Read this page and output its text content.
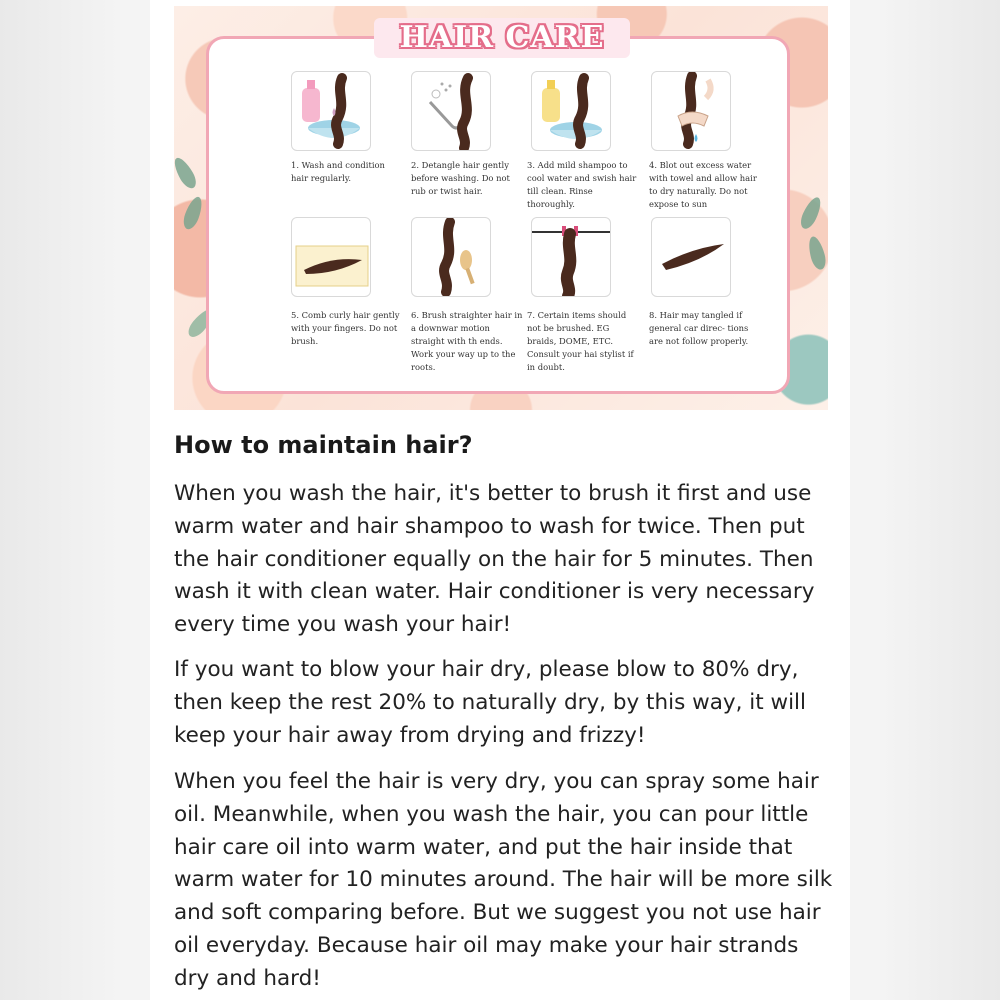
1. Wash and condition hair regularly.
2. Detangle hair gently before washing. Do not rub or twist hair.
3. Add mild shampoo to cool water and swish hair till clean. Rinse thoroughly.
4. Blot out excess water with towel and allow hair to dry naturally. Do not expose to sun
5. Comb curly hair gently with your fingers. Do not brush.
6. Brush straighter hair in a downwar motion straight with th ends. Work your way up to the roots.
7. Certain items should not be brushed. EG braids, DOME, ETC. Consult your hai stylist if in doubt.
8. Hair may tangled if general car direc- tions are not follow properly.
HAIR CARE
How to maintain hair?

When you wash the hair, it's better to brush it first and use warm water and hair shampoo to wash for twice. Then put the hair conditioner equally on the hair for 5 minutes. Then wash it with clean water. Hair conditioner is very necessary every time you wash your hair!

If you want to blow your hair dry, please blow to 80% dry, then keep the rest 20% to naturally dry, by this way, it will keep your hair away from drying and frizzy!

When you feel the hair is very dry, you can spray some hair oil. Meanwhile, when you wash the hair, you can pour little hair care oil into warm water, and put the hair inside that warm water for 10 minutes around. The hair will be more silk and soft comparing before. But we suggest you not use hair oil everyday. Because hair oil may make your hair strands dry and hard!
